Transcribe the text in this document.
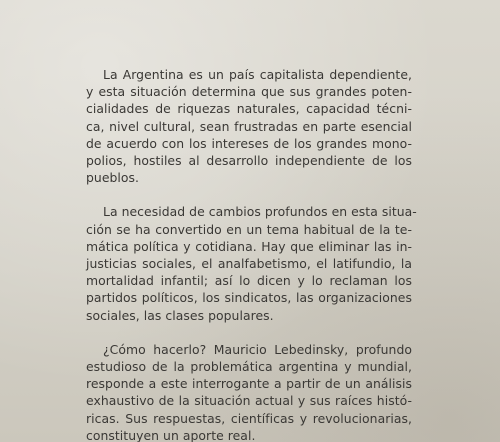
La Argentina es un país capitalista dependiente,
y esta situación determina que sus grandes poten-
cialidades de riquezas naturales, capacidad técni-
ca, nivel cultural, sean frustradas en parte esencial
de acuerdo con los intereses de los grandes mono-
polios, hostiles al desarrollo independiente de los
pueblos.

La necesidad de cambios profundos en esta situa-
ción se ha convertido en un tema habitual de la te-
mática política y cotidiana. Hay que eliminar las in-
justicias sociales, el analfabetismo, el latifundio, la
mortalidad infantil; así lo dicen y lo reclaman los
partidos políticos, los sindicatos, las organizaciones
sociales, las clases populares.

¿Cómo hacerlo? Mauricio Lebedinsky, profundo
estudioso de la problemática argentina y mundial,
responde a este interrogante a partir de un análisis
exhaustivo de la situación actual y sus raíces histó-
ricas. Sus respuestas, científicas y revolucionarias,
constituyen un aporte real.
